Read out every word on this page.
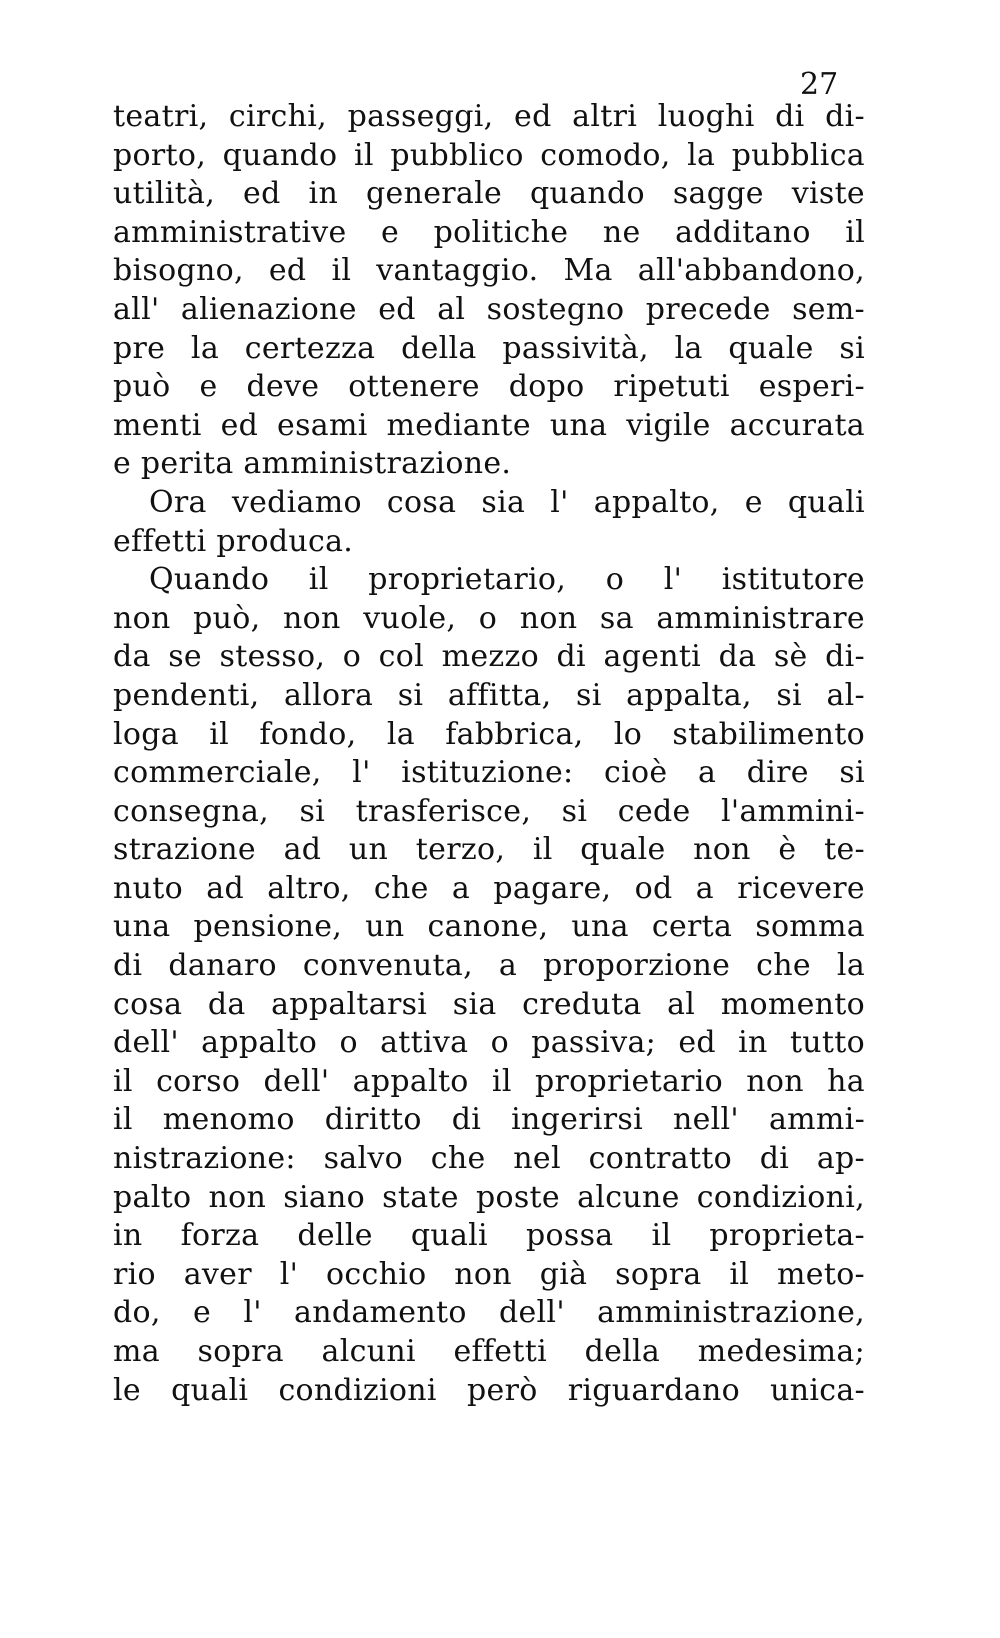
27
teatri, circhi, passeggi, ed altri luoghi di di-
porto, quando il pubblico comodo, la pubblica
utilità, ed in generale quando sagge viste
amministrative e politiche ne additano il
bisogno, ed il vantaggio. Ma all'abbandono,
all' alienazione ed al sostegno precede sem-
pre la certezza della passività, la quale si
può e deve ottenere dopo ripetuti esperi-
menti ed esami mediante una vigile accurata
e perita amministrazione.
Ora vediamo cosa sia l' appalto, e quali
effetti produca.
Quando il proprietario, o l' istitutore
non può, non vuole, o non sa amministrare
da se stesso, o col mezzo di agenti da sè di-
pendenti, allora si affitta, si appalta, si al-
loga il fondo, la fabbrica, lo stabilimento
commerciale, l' istituzione: cioè a dire si
consegna, si trasferisce, si cede l'ammini-
strazione ad un terzo, il quale non è te-
nuto ad altro, che a pagare, od a ricevere
una pensione, un canone, una certa somma
di danaro convenuta, a proporzione che la
cosa da appaltarsi sia creduta al momento
dell' appalto o attiva o passiva; ed in tutto
il corso dell' appalto il proprietario non ha
il menomo diritto di ingerirsi nell' ammi-
nistrazione: salvo che nel contratto di ap-
palto non siano state poste alcune condizioni,
in forza delle quali possa il proprieta-
rio aver l' occhio non già sopra il meto-
do, e l' andamento dell' amministrazione,
ma sopra alcuni effetti della medesima;
le quali condizioni però riguardano unica-
